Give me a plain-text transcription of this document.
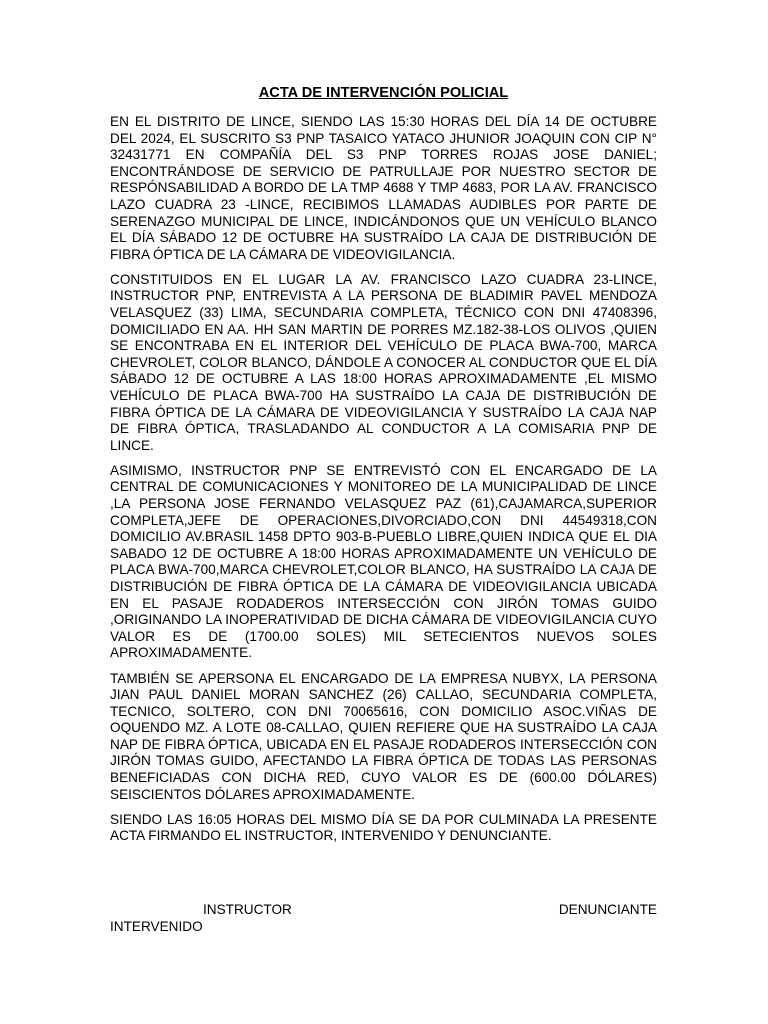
ACTA DE INTERVENCIÓN POLICIAL

EN EL DISTRITO DE LINCE, SIENDO LAS 15:30 HORAS DEL DÍA 14 DE OCTUBRE DEL 2024, EL SUSCRITO S3 PNP TASAICO YATACO JHUNIOR JOAQUIN CON CIP N° 32431771 EN COMPAÑÍA DEL S3 PNP TORRES ROJAS JOSE DANIEL; ENCONTRÁNDOSE DE SERVICIO DE PATRULLAJE POR NUESTRO SECTOR DE RESPÓNSABILIDAD A BORDO DE LA TMP 4688 Y TMP 4683, POR LA AV. FRANCISCO LAZO CUADRA 23 -LINCE, RECIBIMOS LLAMADAS AUDIBLES POR PARTE DE SERENAZGO MUNICIPAL DE LINCE, INDICÁNDONOS QUE UN VEHÍCULO BLANCO EL DÍA SÁBADO 12 DE OCTUBRE HA SUSTRAÍDO LA CAJA DE DISTRIBUCIÓN DE FIBRA ÓPTICA DE LA CÁMARA DE VIDEOVIGILANCIA.

CONSTITUIDOS EN EL LUGAR LA AV. FRANCISCO LAZO CUADRA 23-LINCE, INSTRUCTOR PNP, ENTREVISTA A LA PERSONA DE BLADIMIR PAVEL MENDOZA VELASQUEZ (33) LIMA, SECUNDARIA COMPLETA, TÉCNICO CON DNI 47408396, DOMICILIADO EN AA. HH SAN MARTIN DE PORRES MZ.182-38-LOS OLIVOS ,QUIEN SE ENCONTRABA EN EL INTERIOR DEL VEHÍCULO DE PLACA BWA-700, MARCA CHEVROLET, COLOR BLANCO, DÁNDOLE A CONOCER AL CONDUCTOR QUE EL DÍA SÁBADO 12 DE OCTUBRE A LAS 18:00 HORAS APROXIMADAMENTE ,EL MISMO VEHÍCULO DE PLACA BWA-700 HA SUSTRAÍDO LA CAJA DE DISTRIBUCIÓN DE FIBRA ÓPTICA DE LA CÁMARA DE VIDEOVIGILANCIA Y SUSTRAÍDO LA CAJA NAP DE FIBRA ÓPTICA, TRASLADANDO AL CONDUCTOR A LA COMISARIA PNP DE LINCE.

ASIMISMO, INSTRUCTOR PNP SE ENTREVISTÓ CON EL ENCARGADO DE LA CENTRAL DE COMUNICACIONES Y MONITOREO DE LA MUNICIPALIDAD DE LINCE ,LA PERSONA JOSE FERNANDO VELASQUEZ PAZ (61),CAJAMARCA,SUPERIOR COMPLETA,JEFE DE OPERACIONES,DIVORCIADO,CON DNI 44549318,CON DOMICILIO AV.BRASIL 1458 DPTO 903-B-PUEBLO LIBRE,QUIEN INDICA QUE EL DIA SABADO 12 DE OCTUBRE A 18:00 HORAS APROXIMADAMENTE UN VEHÍCULO DE PLACA BWA-700,MARCA CHEVROLET,COLOR BLANCO, HA SUSTRAÍDO LA CAJA DE DISTRIBUCIÓN DE FIBRA ÓPTICA DE LA CÁMARA DE VIDEOVIGILANCIA UBICADA EN EL PASAJE RODADEROS INTERSECCIÓN CON JIRÓN TOMAS GUIDO ,ORIGINANDO LA INOPERATIVIDAD DE DICHA CÁMARA DE VIDEOVIGILANCIA CUYO VALOR ES DE (1700.00 SOLES) MIL SETECIENTOS NUEVOS SOLES APROXIMADAMENTE.

TAMBIÉN SE APERSONA EL ENCARGADO DE LA EMPRESA NUBYX, LA PERSONA JIAN PAUL DANIEL MORAN SANCHEZ (26) CALLAO, SECUNDARIA COMPLETA, TECNICO, SOLTERO, CON DNI 70065616, CON DOMICILIO ASOC.VIÑAS DE OQUENDO MZ. A LOTE 08-CALLAO, QUIEN REFIERE QUE HA SUSTRAÍDO LA CAJA NAP DE FIBRA ÓPTICA, UBICADA EN EL PASAJE RODADEROS INTERSECCIÓN CON JIRÓN TOMAS GUIDO, AFECTANDO LA FIBRA ÓPTICA DE TODAS LAS PERSONAS BENEFICIADAS CON DICHA RED, CUYO VALOR ES DE (600.00 DÓLARES) SEISCIENTOS DÓLARES APROXIMADAMENTE.

SIENDO LAS 16:05 HORAS DEL MISMO DÍA SE DA POR CULMINADA LA PRESENTE ACTA FIRMANDO EL INSTRUCTOR, INTERVENIDO Y DENUNCIANTE.

INSTRUCTOR	DENUNCIANTE
INTERVENIDO
